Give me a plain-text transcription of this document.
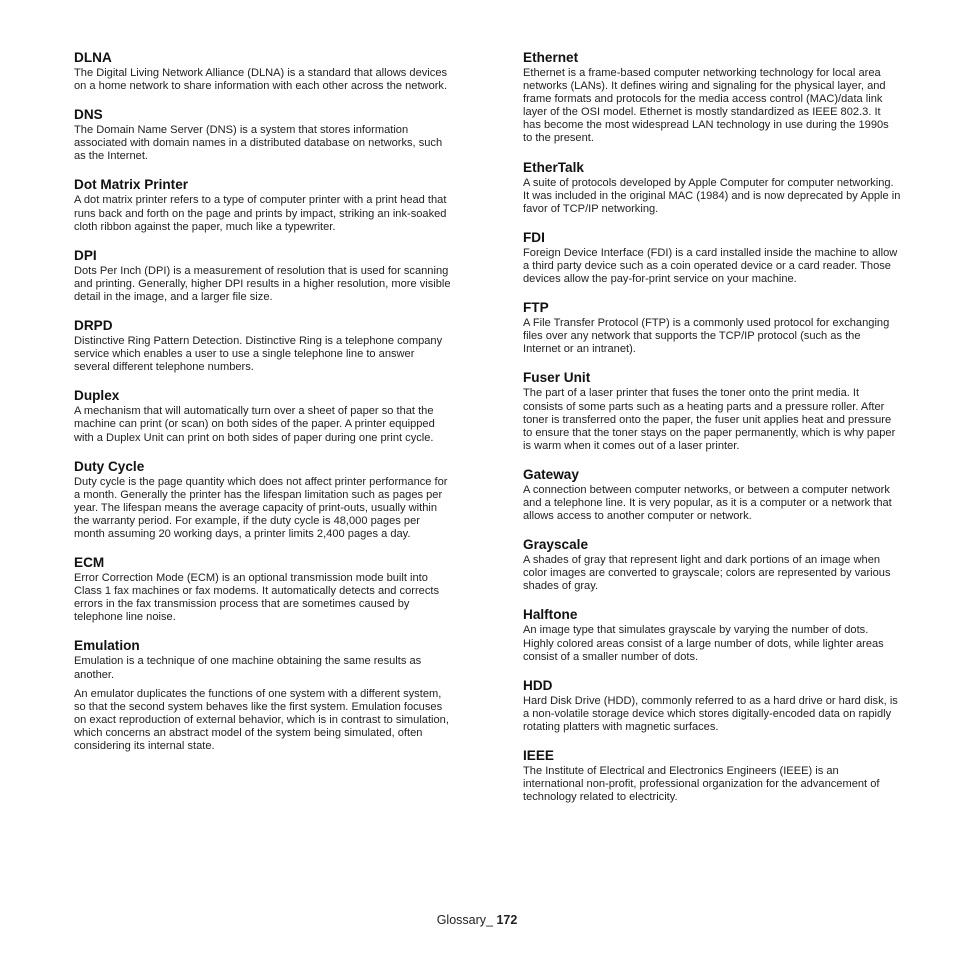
DLNA

The Digital Living Network Alliance (DLNA) is a standard that allows devices on a home network to share information with each other across the network.

DNS

The Domain Name Server (DNS) is a system that stores information associated with domain names in a distributed database on networks, such as the Internet.

Dot Matrix Printer

A dot matrix printer refers to a type of computer printer with a print head that runs back and forth on the page and prints by impact, striking an ink-soaked cloth ribbon against the paper, much like a typewriter.

DPI

Dots Per Inch (DPI) is a measurement of resolution that is used for scanning and printing. Generally, higher DPI results in a higher resolution, more visible detail in the image, and a larger file size.

DRPD

Distinctive Ring Pattern Detection. Distinctive Ring is a telephone company service which enables a user to use a single telephone line to answer several different telephone numbers.

Duplex

A mechanism that will automatically turn over a sheet of paper so that the machine can print (or scan) on both sides of the paper. A printer equipped with a Duplex Unit can print on both sides of paper during one print cycle.

Duty Cycle

Duty cycle is the page quantity which does not affect printer performance for a month. Generally the printer has the lifespan limitation such as pages per year. The lifespan means the average capacity of print-outs, usually within the warranty period. For example, if the duty cycle is 48,000 pages per month assuming 20 working days, a printer limits 2,400 pages a day.

ECM

Error Correction Mode (ECM) is an optional transmission mode built into Class 1 fax machines or fax modems. It automatically detects and corrects errors in the fax transmission process that are sometimes caused by telephone line noise.

Emulation

Emulation is a technique of one machine obtaining the same results as another.

An emulator duplicates the functions of one system with a different system, so that the second system behaves like the first system. Emulation focuses on exact reproduction of external behavior, which is in contrast to simulation, which concerns an abstract model of the system being simulated, often considering its internal state.

Ethernet

Ethernet is a frame-based computer networking technology for local area networks (LANs). It defines wiring and signaling for the physical layer, and frame formats and protocols for the media access control (MAC)/data link layer of the OSI model. Ethernet is mostly standardized as IEEE 802.3. It has become the most widespread LAN technology in use during the 1990s to the present.

EtherTalk

A suite of protocols developed by Apple Computer for computer networking. It was included in the original MAC (1984) and is now deprecated by Apple in favor of TCP/IP networking.

FDI

Foreign Device Interface (FDI) is a card installed inside the machine to allow a third party device such as a coin operated device or a card reader. Those devices allow the pay-for-print service on your machine.

FTP

A File Transfer Protocol (FTP) is a commonly used protocol for exchanging files over any network that supports the TCP/IP protocol (such as the Internet or an intranet).

Fuser Unit

The part of a laser printer that fuses the toner onto the print media. It consists of some parts such as a heating parts and a pressure roller. After toner is transferred onto the paper, the fuser unit applies heat and pressure to ensure that the toner stays on the paper permanently, which is why paper is warm when it comes out of a laser printer.

Gateway

A connection between computer networks, or between a computer network and a telephone line. It is very popular, as it is a computer or a network that allows access to another computer or network.

Grayscale

A shades of gray that represent light and dark portions of an image when color images are converted to grayscale; colors are represented by various shades of gray.

Halftone

An image type that simulates grayscale by varying the number of dots. Highly colored areas consist of a large number of dots, while lighter areas consist of a smaller number of dots.

HDD

Hard Disk Drive (HDD), commonly referred to as a hard drive or hard disk, is a non-volatile storage device which stores digitally-encoded data on rapidly rotating platters with magnetic surfaces.

IEEE

The Institute of Electrical and Electronics Engineers (IEEE) is an international non-profit, professional organization for the advancement of technology related to electricity.

Glossary_ 172
